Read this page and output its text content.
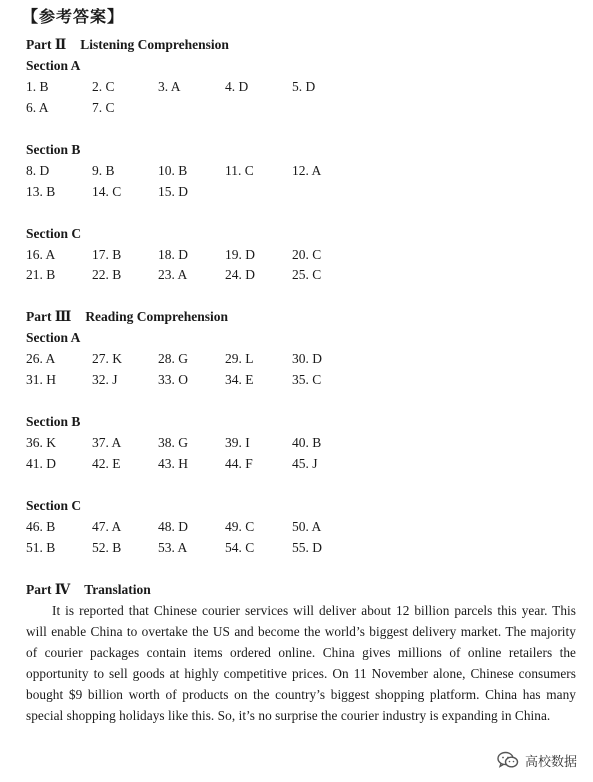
【参考答案】
Part Ⅱ Listening Comprehension
Section A
1. B	2. C	3. A	4. D	5. D
6. A	7. C
Section B
8. D	9. B	10. B	11. C	12. A
13. B	14. C	15. D
Section C
16. A	17. B	18. D	19. D	20. C
21. B	22. B	23. A	24. D	25. C
Part Ⅲ Reading Comprehension
Section A
26. A	27. K	28. G	29. L	30. D
31. H	32. J	33. O	34. E	35. C
Section B
36. K	37. A	38. G	39. I	40. B
41. D	42. E	43. H	44. F	45. J
Section C
46. B	47. A	48. D	49. C	50. A
51. B	52. B	53. A	54. C	55. D
Part Ⅳ Translation

It is reported that Chinese courier services will deliver about 12 billion parcels this year. This will enable China to overtake the US and become the world’s biggest delivery market. The majority of courier packages contain items ordered online. China gives millions of online retailers the opportunity to sell goods at highly competitive prices. On 11 November alone, Chinese consumers bought $9 billion worth of products on the country’s biggest shopping platform. China has many special shopping holidays like this. So, it’s no surprise the courier industry is expanding in China.

高校数据
